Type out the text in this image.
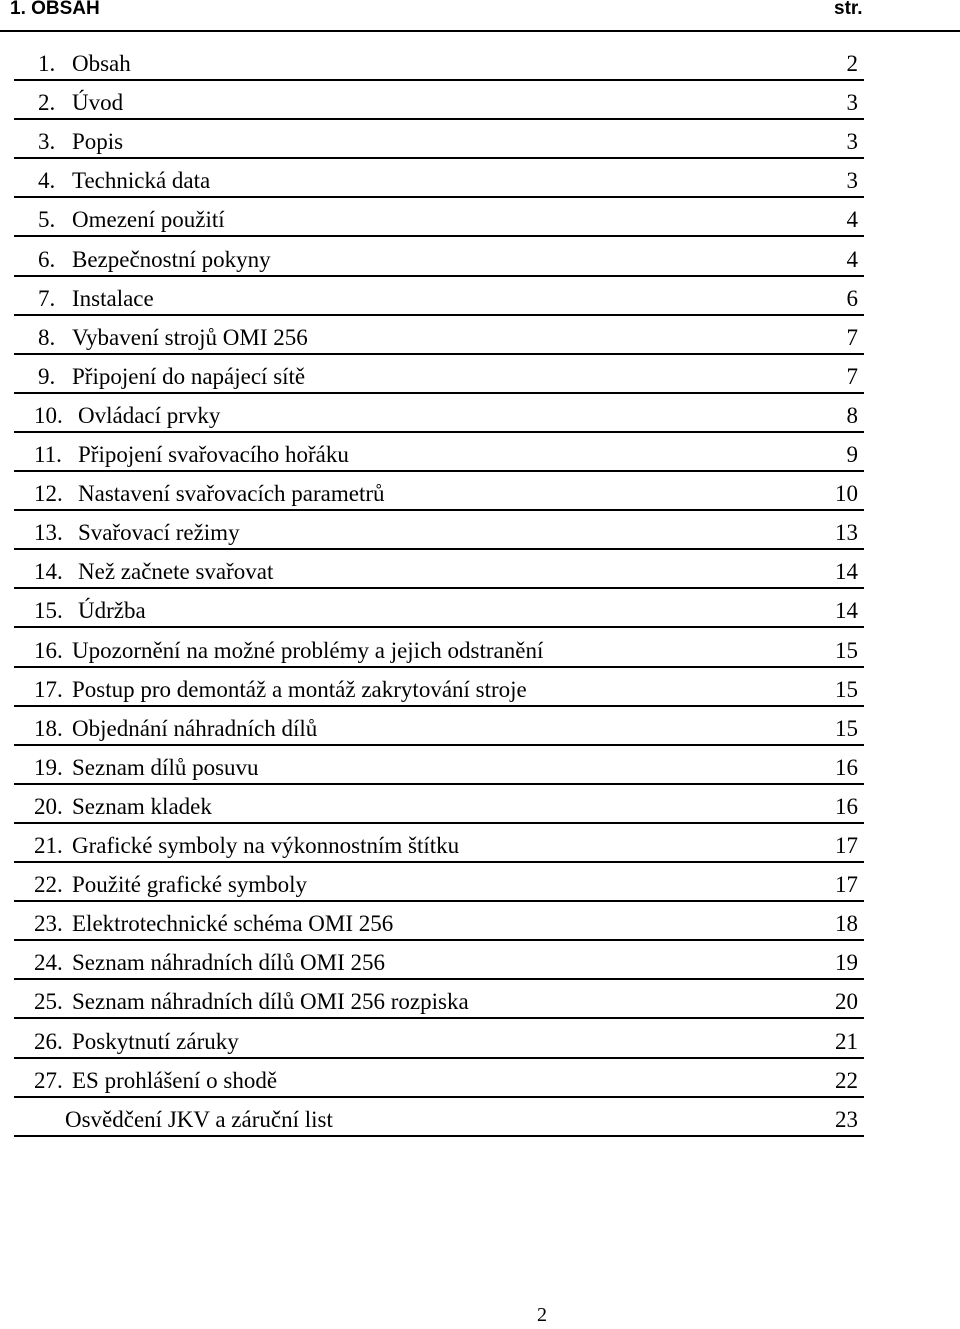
1. OBSAH	str.
1. Obsah	2
2. Úvod	3
3. Popis	3
4. Technická data	3
5. Omezení použití	4
6. Bezpečnostní pokyny	4
7. Instalace	6
8. Vybavení strojů OMI 256	7
9. Připojení do napájecí sítě	7
10. Ovládací prvky	8
11. Připojení svařovacího hořáku	9
12. Nastavení svařovacích parametrů	10
13. Svařovací režimy	13
14. Než začnete svařovat	14
15. Údržba	14
16. Upozornění na možné problémy a jejich odstranění	15
17. Postup pro demontáž a montáž zakrytování stroje	15
18. Objednání náhradních dílů	15
19. Seznam dílů posuvu	16
20. Seznam kladek	16
21. Grafické symboly na výkonnostním štítku	17
22. Použité grafické symboly	17
23. Elektrotechnické schéma OMI 256	18
24. Seznam náhradních dílů OMI 256	19
25. Seznam náhradních dílů OMI 256 rozpiska	20
26. Poskytnutí záruky	21
27. ES prohlášení o shodě	22
Osvědčení JKV a záruční list	23
2
